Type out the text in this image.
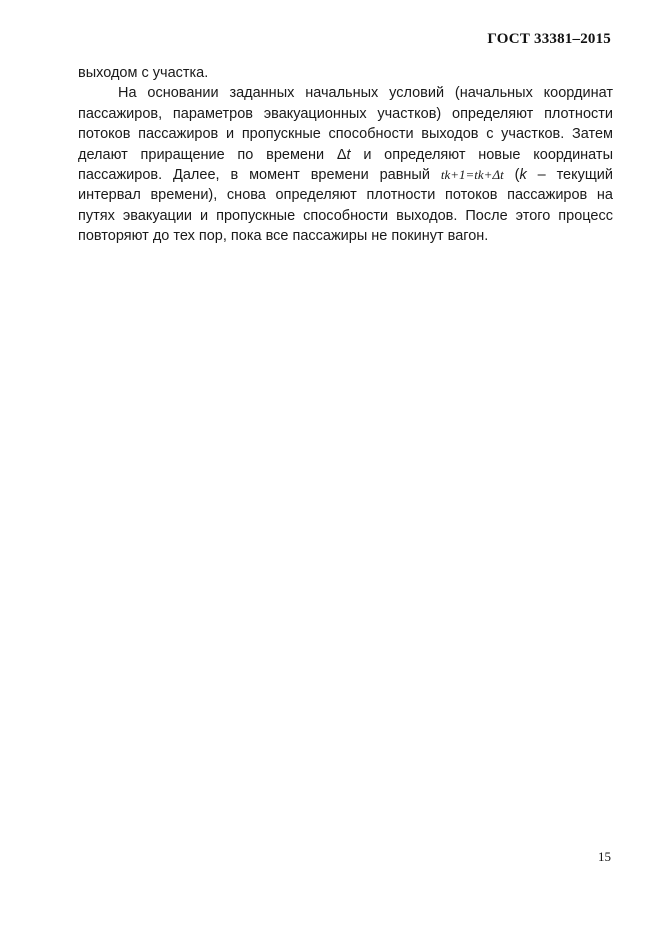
ГОСТ 33381–2015

выходом с участка.

На основании заданных начальных условий (начальных координат пассажиров, параметров эвакуационных участков) определяют плотности потоков пассажиров и пропускные способности выходов с участков. Затем делают приращение по времени Δt и определяют новые координаты пассажиров. Далее, в момент времени равный tk+1=tk+Δt (k – текущий интервал времени), снова определяют плотности потоков пассажиров на путях эвакуации и пропускные способности выходов. После этого процесс повторяют до тех пор, пока все пассажиры не покинут вагон.

15
